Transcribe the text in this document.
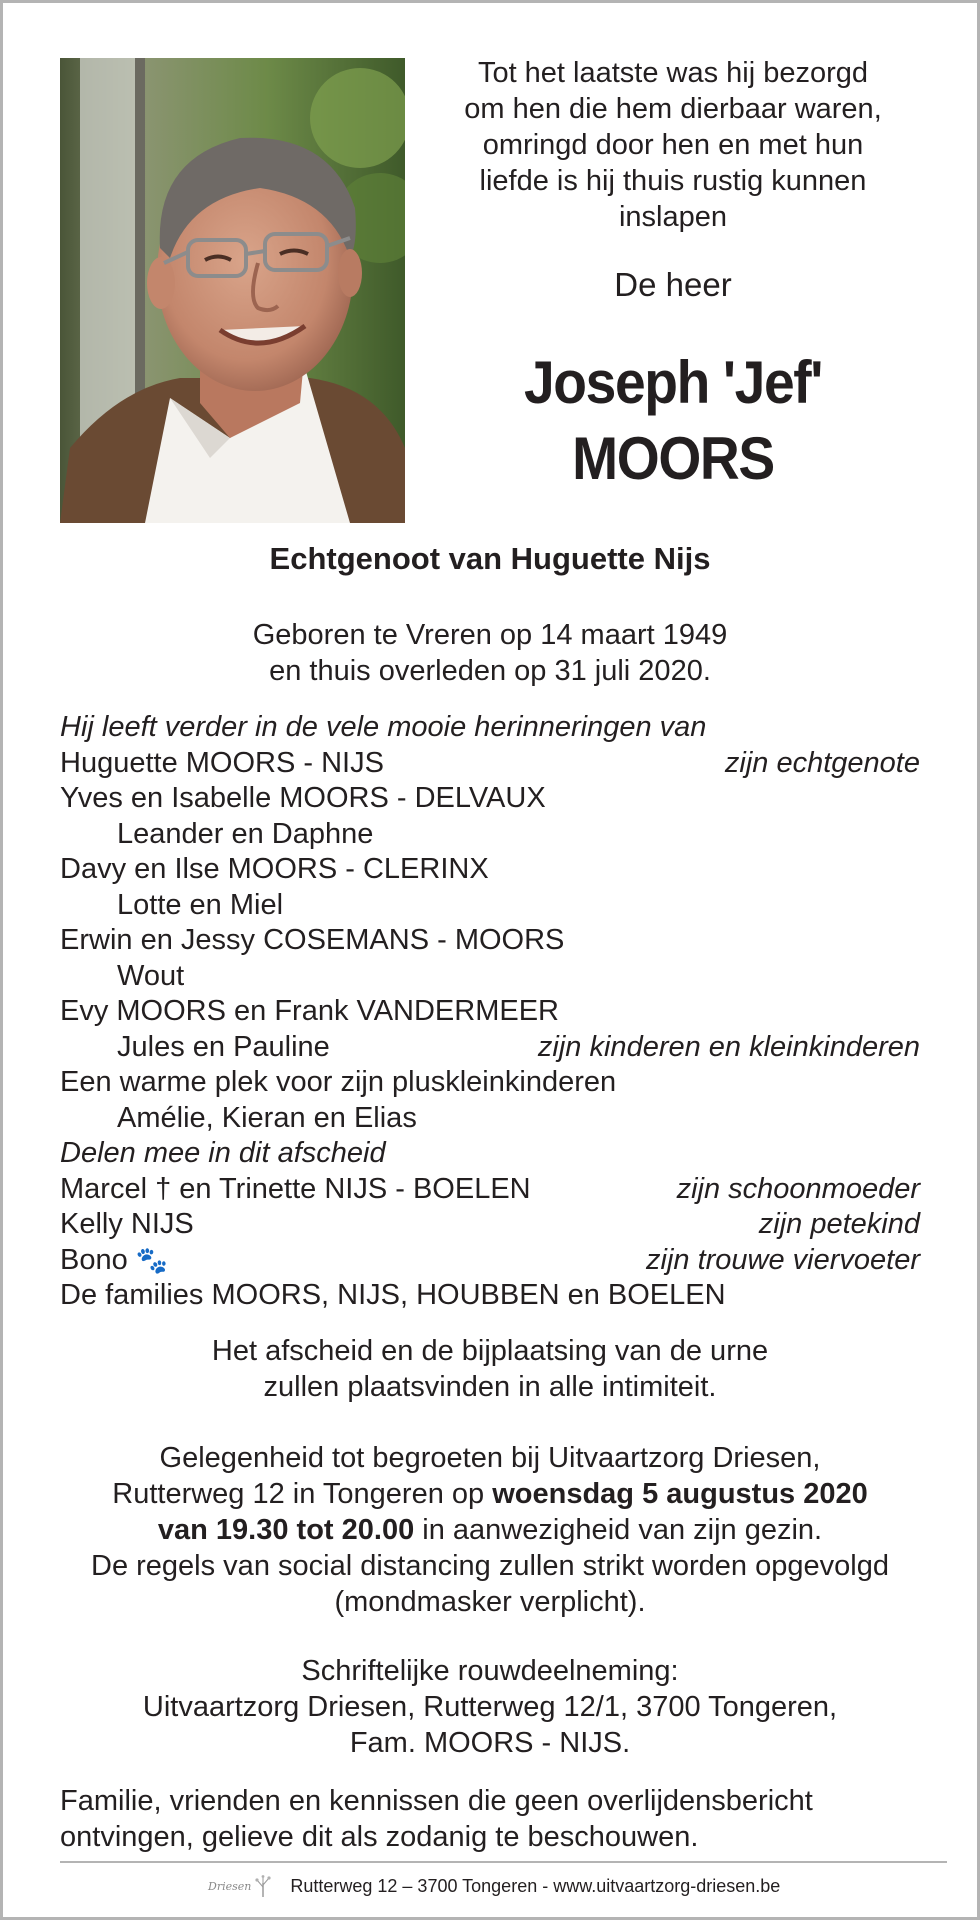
Tot het laatste was hij bezorgd
om hen die hem dierbaar waren,
omringd door hen en met hun
liefde is hij thuis rustig kunnen
inslapen
De heer
Joseph 'Jef'
MOORS
Echtgenoot van Huguette Nijs
Geboren te Vreren op 14 maart 1949
en thuis overleden op 31 juli 2020.
Hij leeft verder in de vele mooie herinneringen van
Huguette MOORS - NIJS	zijn echtgenote
Yves en Isabelle MOORS - DELVAUX
Leander en Daphne
Davy en Ilse MOORS - CLERINX
Lotte en Miel
Erwin en Jessy COSEMANS - MOORS
Wout
Evy MOORS en Frank VANDERMEER
Jules en Pauline	zijn kinderen en kleinkinderen
Een warme plek voor zijn pluskleinkinderen
Amélie, Kieran en Elias
Delen mee in dit afscheid
Marcel † en Trinette NIJS - BOELEN	zijn schoonmoeder
Kelly NIJS	zijn petekind
Bono 🐾	zijn trouwe viervoeter
De families MOORS, NIJS, HOUBBEN en BOELEN
Het afscheid en de bijplaatsing van de urne
zullen plaatsvinden in alle intimiteit.
Gelegenheid tot begroeten bij Uitvaartzorg Driesen,
Rutterweg 12 in Tongeren op woensdag 5 augustus 2020
van 19.30 tot 20.00 in aanwezigheid van zijn gezin.
De regels van social distancing zullen strikt worden opgevolgd
(mondmasker verplicht).
Schriftelijke rouwdeelneming:
Uitvaartzorg Driesen, Rutterweg 12/1, 3700 Tongeren,
Fam. MOORS - NIJS.
Familie, vrienden en kennissen die geen overlijdensbericht
ontvingen, gelieve dit als zodanig te beschouwen.
Driesen Rutterweg 12 – 3700 Tongeren - www.uitvaartzorg-driesen.be
